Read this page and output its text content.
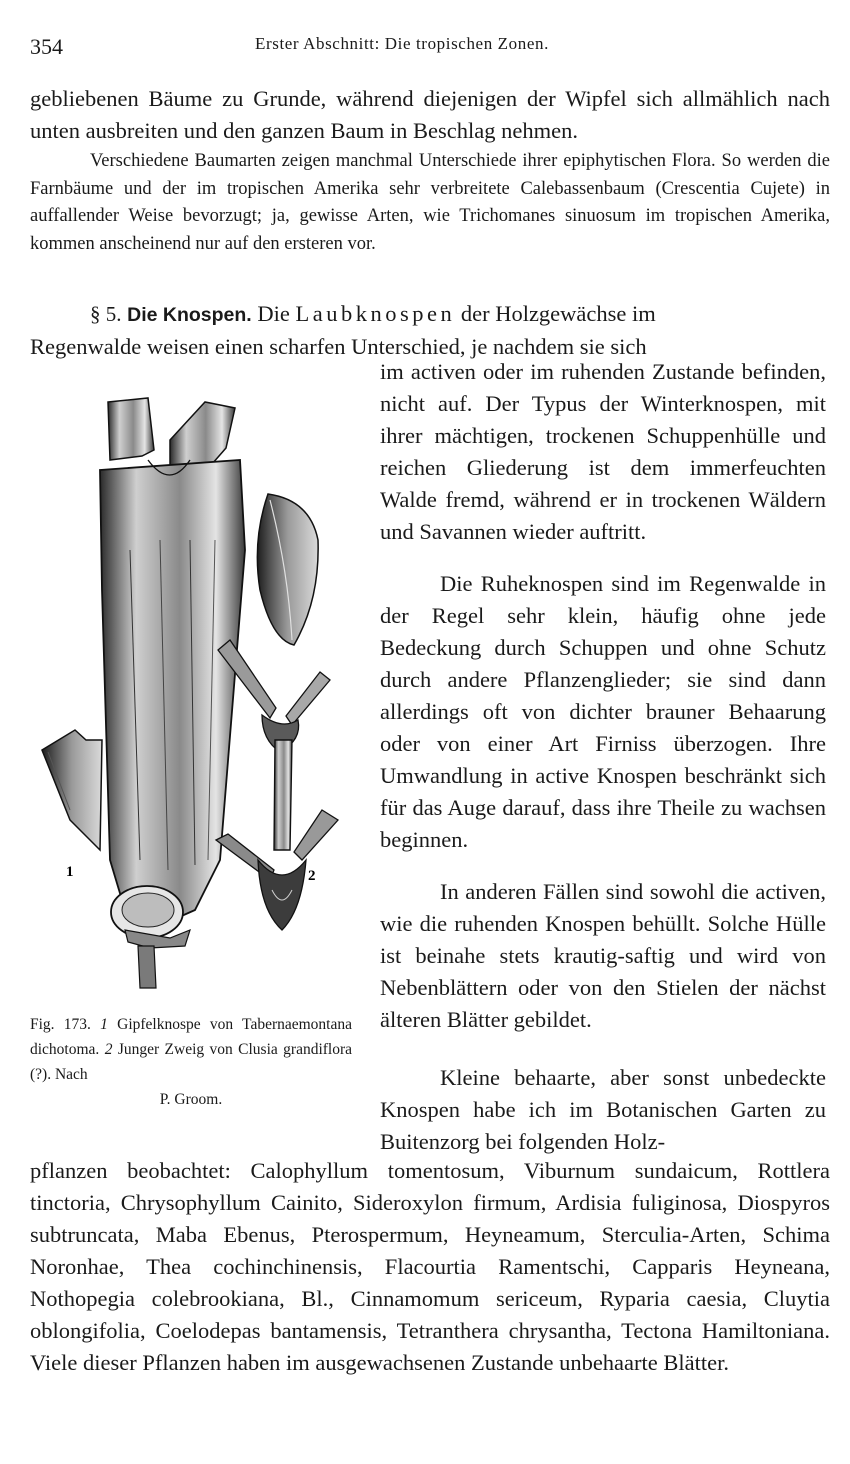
354	Erster Abschnitt: Die tropischen Zonen.

gebliebenen Bäume zu Grunde, während diejenigen der Wipfel sich allmählich nach unten ausbreiten und den ganzen Baum in Beschlag nehmen.

Verschiedene Baumarten zeigen manchmal Unterschiede ihrer epiphytischen Flora. So werden die Farnbäume und der im tropischen Amerika sehr verbreitete Calebassenbaum (Crescentia Cujete) in auffallender Weise bevorzugt; ja, gewisse Arten, wie Trichomanes sinuosum im tropischen Amerika, kommen anscheinend nur auf den ersteren vor.

§ 5. Die Knospen. Die Laubknospen der Holzgewächse im
Regenwalde weisen einen scharfen Unterschied, je nachdem sie sich

im activen oder im ruhenden Zustande befinden, nicht auf. Der Typus der Winterknospen, mit ihrer mächtigen, trockenen Schuppenhülle und reichen Gliederung ist dem immerfeuchten Walde fremd, während er in trockenen Wäldern und Savannen wieder auftritt.

Die Ruheknospen sind im Regenwalde in der Regel sehr klein, häufig ohne jede Bedeckung durch Schuppen und ohne Schutz durch andere Pflanzenglieder; sie sind dann allerdings oft von dichter brauner Behaarung oder von einer Art Firniss überzogen. Ihre Umwandlung in active Knospen beschränkt sich für das Auge darauf, dass ihre Theile zu wachsen beginnen.

In anderen Fällen sind sowohl die activen, wie die ruhenden Knospen behüllt. Solche Hülle ist beinahe stets krautig-saftig und wird von Nebenblättern oder von den Stielen der nächst älteren Blätter gebildet.

Kleine behaarte, aber sonst unbedeckte Knospen habe ich im Botanischen Garten zu Buitenzorg bei folgenden Holz-

pflanzen beobachtet: Calophyllum tomentosum, Viburnum sundaicum, Rottlera tinctoria, Chrysophyllum Cainito, Sideroxylon firmum, Ardisia fuliginosa, Diospyros subtruncata, Maba Ebenus, Pterospermum, Heyneamum, Sterculia-Arten, Schima Noronhae, Thea cochinchinensis, Flacourtia Ramentschi, Capparis Heyneana, Nothopegia colebrookiana, Bl., Cinnamomum sericeum, Ryparia caesia, Cluytia oblongifolia, Coelodepas bantamensis, Tetranthera chrysantha, Tectona Hamiltoniana. Viele dieser Pflanzen haben im ausgewachsenen Zustande unbehaarte Blätter.

1	2
Fig. 173. 1 Gipfelknospe von Tabernaemontana dichotoma. 2 Junger Zweig von Clusia grandiflora (?). Nach
P. Groom.
